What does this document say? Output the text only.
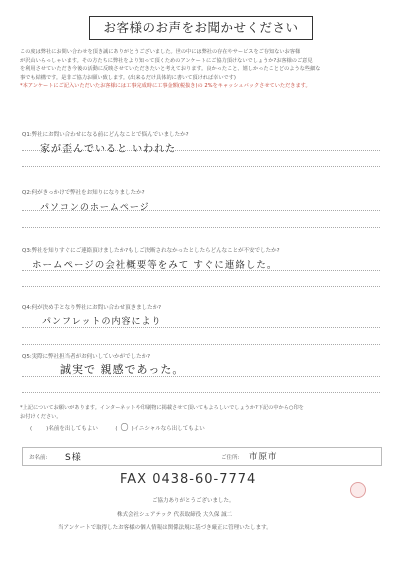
お客様のお声をお聞かせください

この度は弊社にお問い合わせを頂き誠にありがとうございました。世の中には弊社の存在やサービスをご存知ないお客様

が沢山いらっしゃいます。その方たちに弊社をより知って頂くためのアンケートにご協力頂けないでしょうか?お客様のご意見

を利用させていただき今後の活動に反映させていただきたいと考えております。良かったこと、嬉しかったことどのような些細な

事でも結構です。是非ご協力お願い致します。(出来るだけ具体的に書いて頂ければ幸いです)

*本アンケートにご記入いただいたお客様には工事完成時に工事金額(税抜き)の 2%をキャッシュバックさせていただきます。

Q1:弊社にお問い合わせになる前にどんなことで悩んでいましたか?
家が歪んでいると いわれた
Q2:何がきっかけで弊社をお知りになりましたか?
パソコンのホームページ
Q3:弊社を知りすぐにご連絡頂けましたか?もしご決断されなかったとしたらどんなことが不安でしたか?
ホームページの会社概要等をみて すぐに連絡した。
Q4:何が決め手となり弊社にお問い合わせ頂きましたか?
パンフレットの内容により
Q5:実際に弊社担当者がお伺いしていかがでしたか?
誠実で 親感であった。
*上記についてお願いがあります。インターネットや印刷物に掲載させて頂いてもよろしいでしょうか?下記の中から○印を
お付けください。
(	)名前を出してもよい	( 〇 )イニシャルなら出してもよい
お名前: S様	ご住所: 市原市
FAX 0438-60-7774
ご協力ありがとうございました。
株式会社シェアテック 代表取締役 大久保 誠二
当アンケートで取得したお客様の個人情報は関係法規に基づき厳正に管理いたします。
